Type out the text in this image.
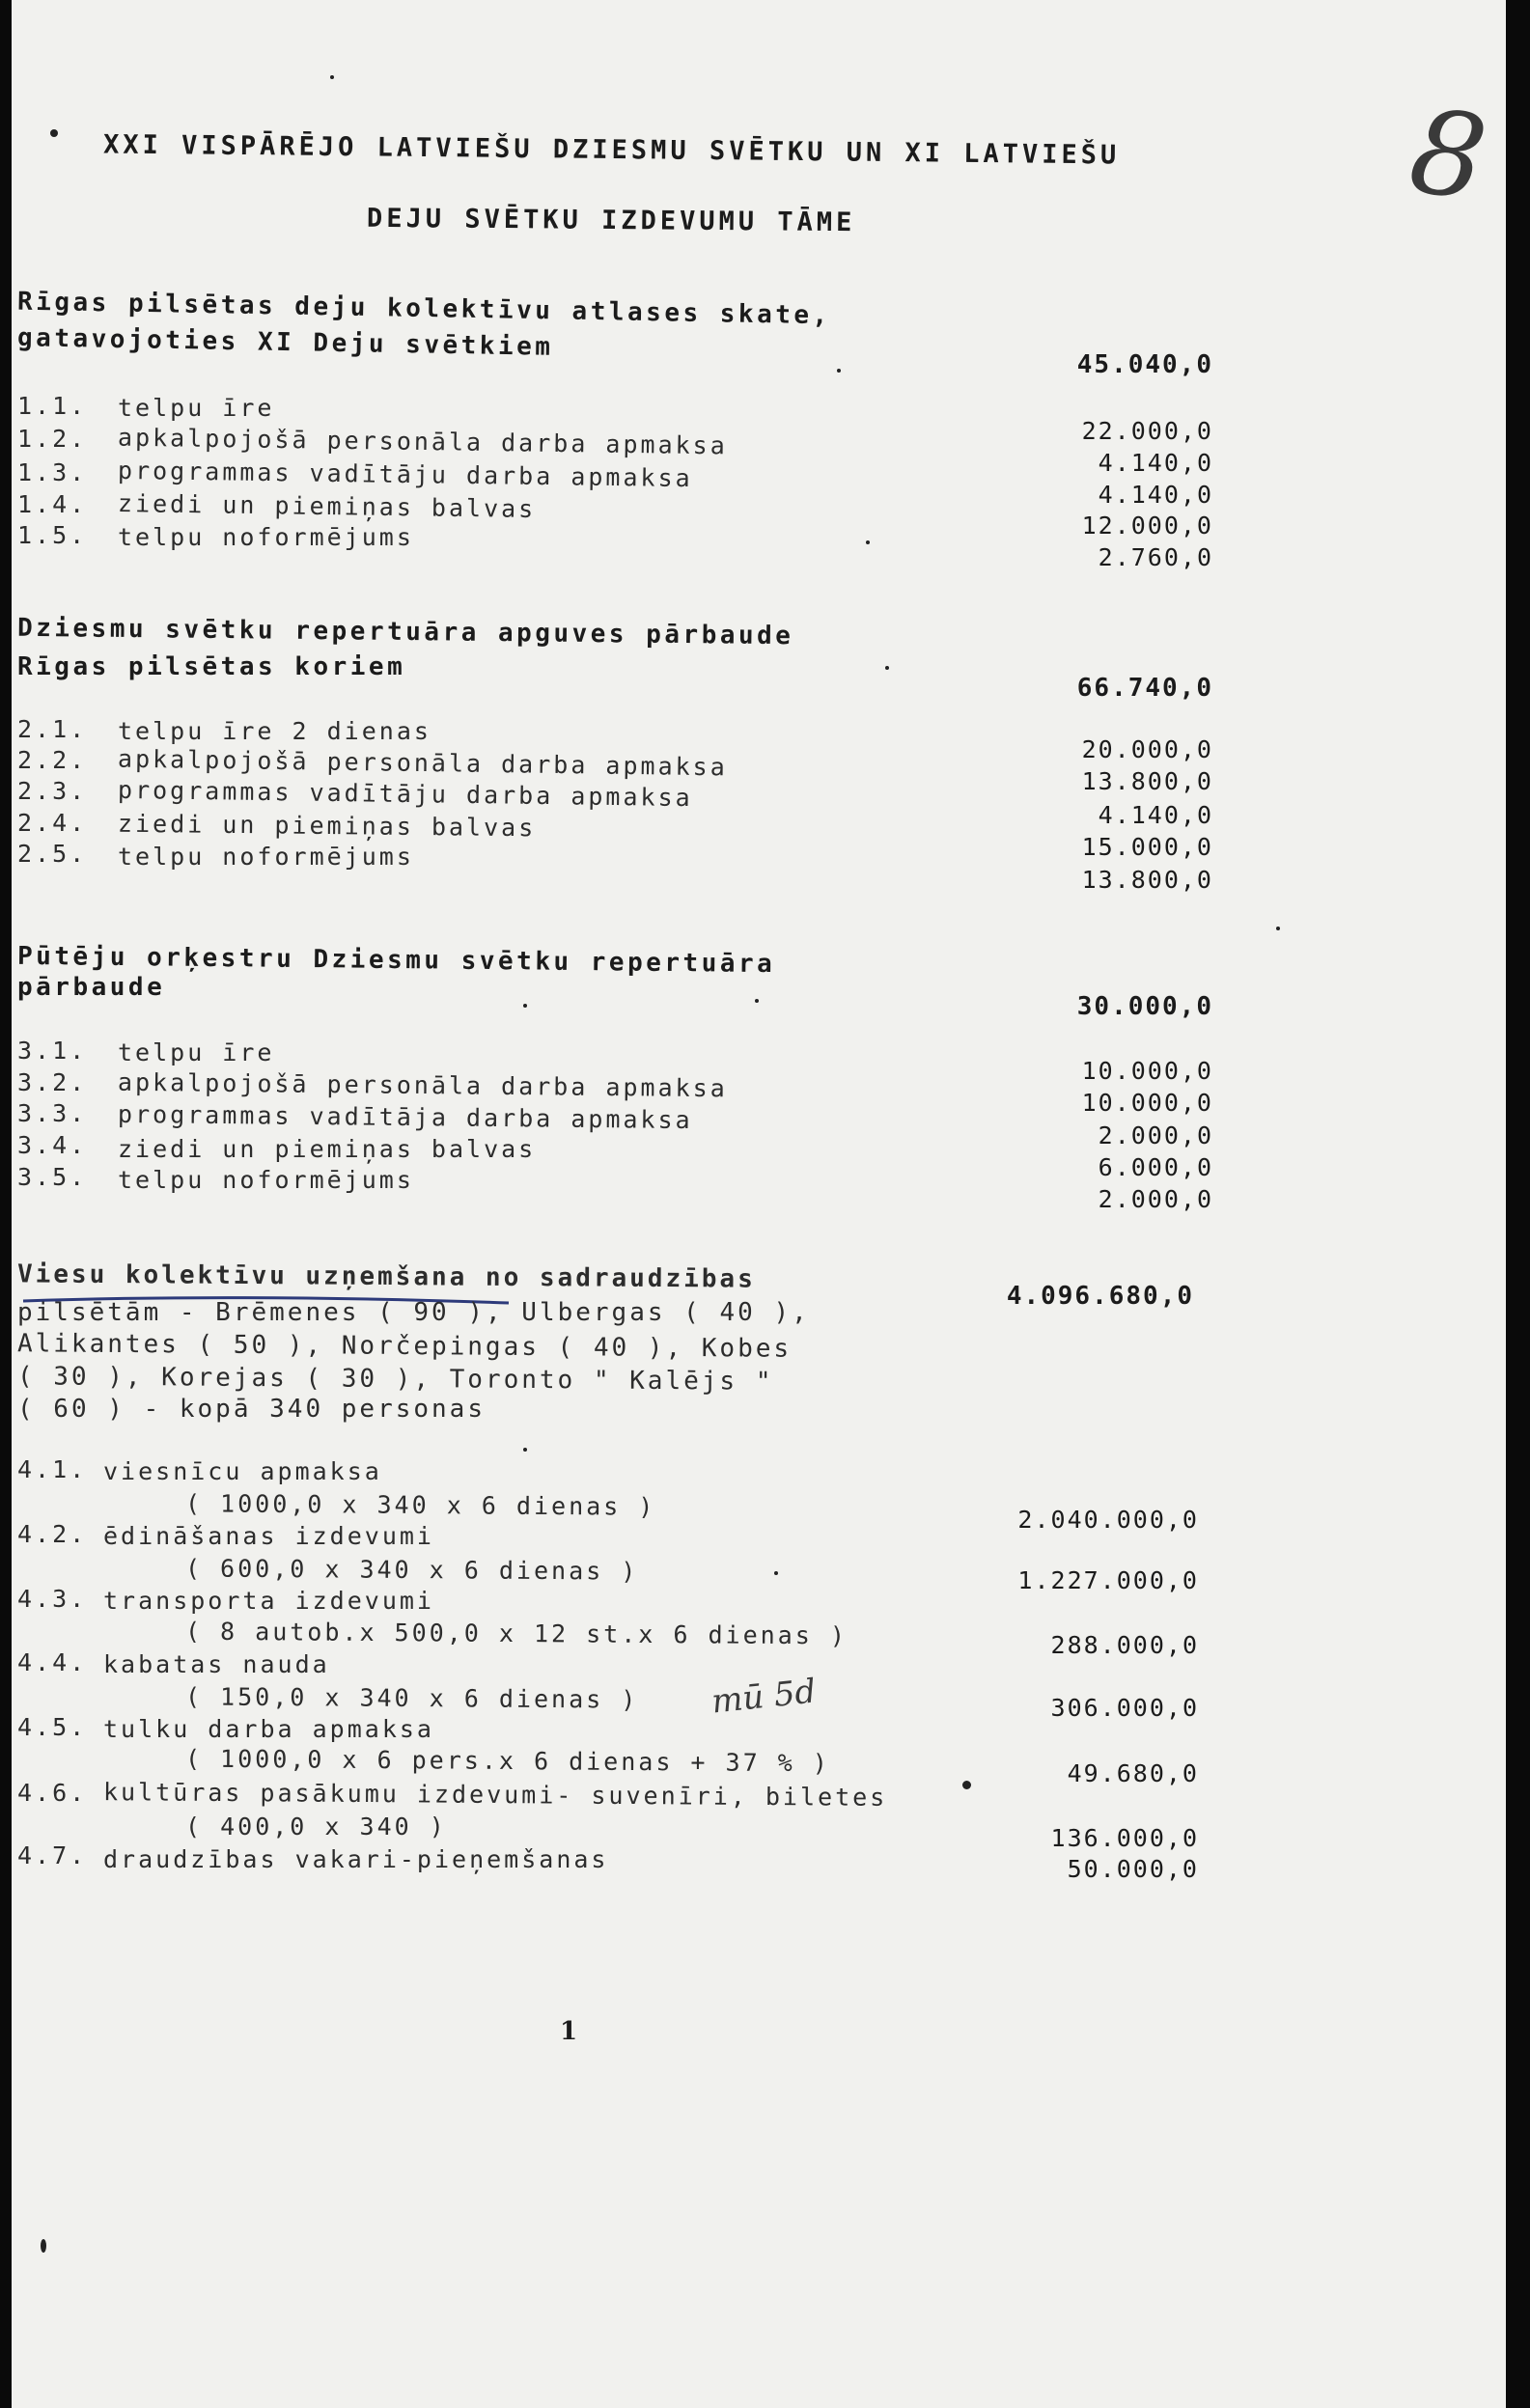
8
XXI VISPĀRĒJO LATVIEŠU DZIESMU SVĒTKU UN XI LATVIEŠU
DEJU SVĒTKU IZDEVUMU TĀME
Rīgas pilsētas deju kolektīvu atlases skate,
gatavojoties XI Deju svētkiem
45.040,0
1.1. telpu īre
1.2. apkalpojošā personāla darba apmaksa
1.3. programmas vadītāju darba apmaksa
1.4. ziedi un piemiņas balvas
1.5. telpu noformējums
22.000,0
4.140,0
4.140,0
12.000,0
2.760,0
Dziesmu svētku repertuāra apguves pārbaude
Rīgas pilsētas koriem
66.740,0
2.1. telpu īre 2 dienas
2.2. apkalpojošā personāla darba apmaksa
2.3. programmas vadītāju darba apmaksa
2.4. ziedi un piemiņas balvas
2.5. telpu noformējums
20.000,0
13.800,0
4.140,0
15.000,0
13.800,0
Pūtēju orķestru Dziesmu svētku repertuāra
pārbaude
30.000,0
3.1. telpu īre
3.2. apkalpojošā personāla darba apmaksa
3.3. programmas vadītāja darba apmaksa
3.4. ziedi un piemiņas balvas
3.5. telpu noformējums
10.000,0
10.000,0
2.000,0
6.000,0
2.000,0
Viesu kolektīvu uzņemšana no sadraudzības
pilsētām - Brēmenes ( 90 ), Ulbergas ( 40 ),
Alikantes ( 50 ), Norčepingas ( 40 ), Kobes
( 30 ), Korejas ( 30 ), Toronto " Kalējs "
( 60 ) - kopā 340 personas
4.096.680,0
4.1. viesnīcu apmaksa
( 1000,0 x 340 x 6 dienas )
4.2. ēdināšanas izdevumi
( 600,0 x 340 x 6 dienas )
4.3. transporta izdevumi
( 8 autob.x 500,0 x 12 st.x 6 dienas )
4.4. kabatas nauda
( 150,0 x 340 x 6 dienas ) mū 5d
4.5. tulku darba apmaksa
( 1000,0 x 6 pers.x 6 dienas + 37 % )
4.6. kultūras pasākumu izdevumi- suvenīri, biletes
( 400,0 x 340 )
4.7. draudzības vakari-pieņemšanas
2.040.000,0
1.227.000,0
288.000,0
306.000,0
49.680,0
136.000,0
50.000,0
1
